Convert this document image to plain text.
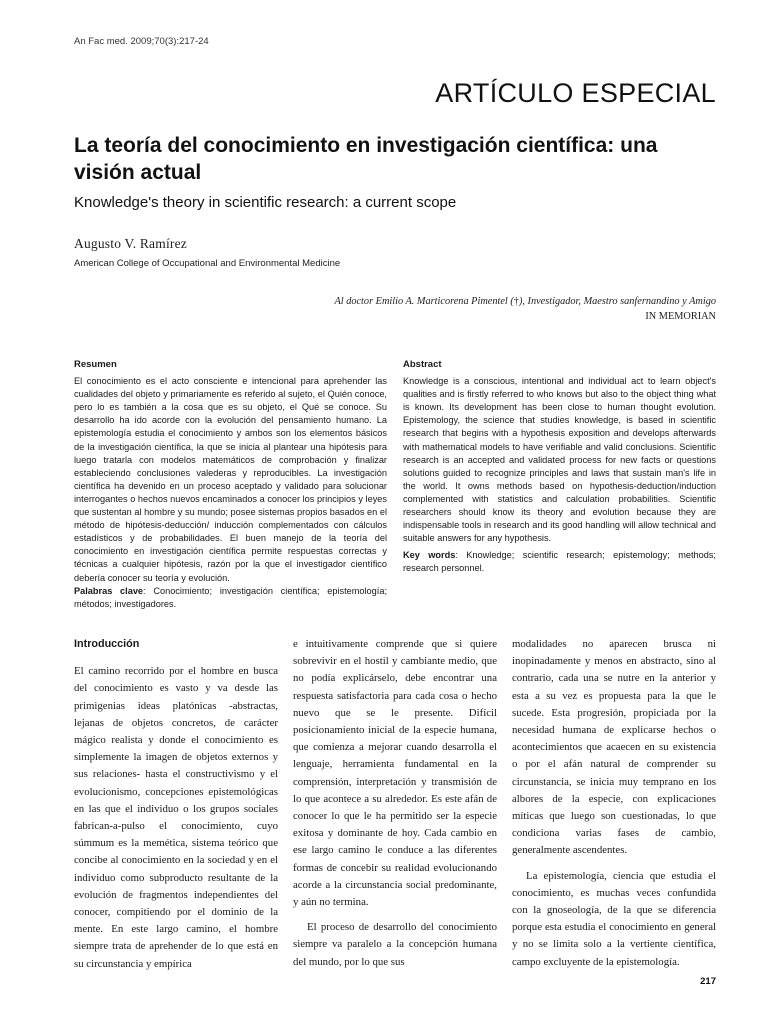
An Fac med. 2009;70(3):217-24
ARTÍCULO ESPECIAL
La teoría del conocimiento en investigación científica: una visión actual
Knowledge's theory in scientific research: a current scope
Augusto V. Ramírez
American College of Occupational and Environmental Medicine
Al doctor Emilio A. Marticorena Pimentel (†), Investigador, Maestro sanfernandino y Amigo
IN MEMORIAN
Resumen
El conocimiento es el acto consciente e intencional para aprehender las cualidades del objeto y primariamente es referido al sujeto, el Quién conoce, pero lo es también a la cosa que es su objeto, el Qué se conoce. Su desarrollo ha ido acorde con la evolución del pensamiento humano. La epistemología estudia el conocimiento y ambos son los elementos básicos de la investigación científica, la que se inicia al plantear una hipótesis para luego tratarla con modelos matemáticos de comprobación y finalizar estableciendo conclusiones valederas y reproducibles. La investigación científica ha devenido en un proceso aceptado y validado para solucionar interrogantes o hechos nuevos encaminados a conocer los principios y leyes que sustentan al hombre y su mundo; posee sistemas propios basados en el método de hipótesis-deducción/ inducción complementados con cálculos estadísticos y de probabilidades. El buen manejo de la teoría del conocimiento en investigación científica permite respuestas correctas y técnicas a cualquier hipótesis, razón por la que el investigador científico debería conocer su teoría y evolución.
Palabras clave: Conocimiento; investigación científica; epistemología; métodos; investigadores.
Abstract
Knowledge is a conscious, intentional and individual act to learn object's qualities and is firstly referred to who knows but also to the object thing what is known. Its development has been close to human thought evolution. Epistemology, the science that studies knowledge, is based in scientific research that begins with a hypothesis exposition and develops afterwards with mathematical models to have verifiable and valid conclusions. Scientific research is an accepted and validated process for new facts or questions solutions guided to recognize principles and laws that sustain man's life in the world. It owns methods based on hypothesis-deduction/induction complemented with statistics and calculation probabilities. Scientific researchers should know its theory and evolution because they are indispensable tools in research and its good handling will allow technical and suitable answers for any hypothesis.
Key words: Knowledge; scientific research; epistemology; methods; research personnel.
Introducción

El camino recorrido por el hombre en busca del conocimiento es vasto y va desde las primigenias ideas platónicas -abstractas, lejanas de objetos concretos, de carácter mágico realista y donde el conocimiento es simplemente la imagen de objetos externos y sus relaciones- hasta el constructivismo y el evolucionismo, concepciones epistemológicas en las que el individuo o los grupos sociales fabrican-a-pulso el conocimiento, cuyo súmmum es la memética, sistema teórico que concibe al conocimiento en la sociedad y en el individuo como subproducto resultante de la evolución de fragmentos independientes del conocer, compitiendo por el dominio de la mente. En este largo camino, el hombre siempre trata de aprehender de lo que está en su circunstancia y empírica

e intuitivamente comprende que si quiere sobrevivir en el hostil y cambiante medio, que no podía explicárselo, debe encontrar una respuesta satisfactoria para cada cosa o hecho nuevo que se le presente. Difícil posicionamiento inicial de la especie humana, que comienza a mejorar cuando desarrolla el lenguaje, herramienta fundamental en la comprensión, interpretación y transmisión de lo que acontece a su alrededor. Es este afán de conocer lo que le ha permitido ser la especie exitosa y dominante de hoy. Cada cambio en ese largo camino le conduce a las diferentes formas de concebir su realidad evolucionando acorde a la circunstancia social predominante, y aún no termina.

El proceso de desarrollo del conocimiento siempre va paralelo a la concepción humana del mundo, por lo que sus

modalidades no aparecen brusca ni inopinadamente y menos en abstracto, sino al contrario, cada una se nutre en la anterior y esta a su vez es propuesta para la que le sucede. Esta progresión, propiciada por la necesidad humana de explicarse hechos o acontecimientos que acaecen en su existencia o por el afán natural de comprender su circunstancia, se inicia muy temprano en los albores de la especie, con explicaciones míticas que luego son cuestionadas, lo que condiciona varias fases de cambio, generalmente ascendentes.

La epistemología, ciencia que estudia el conocimiento, es muchas veces confundida con la gnoseología, de la que se diferencia porque esta estudia el conocimiento en general y no se limita solo a la vertiente científica, campo excluyente de la epistemología.

217
